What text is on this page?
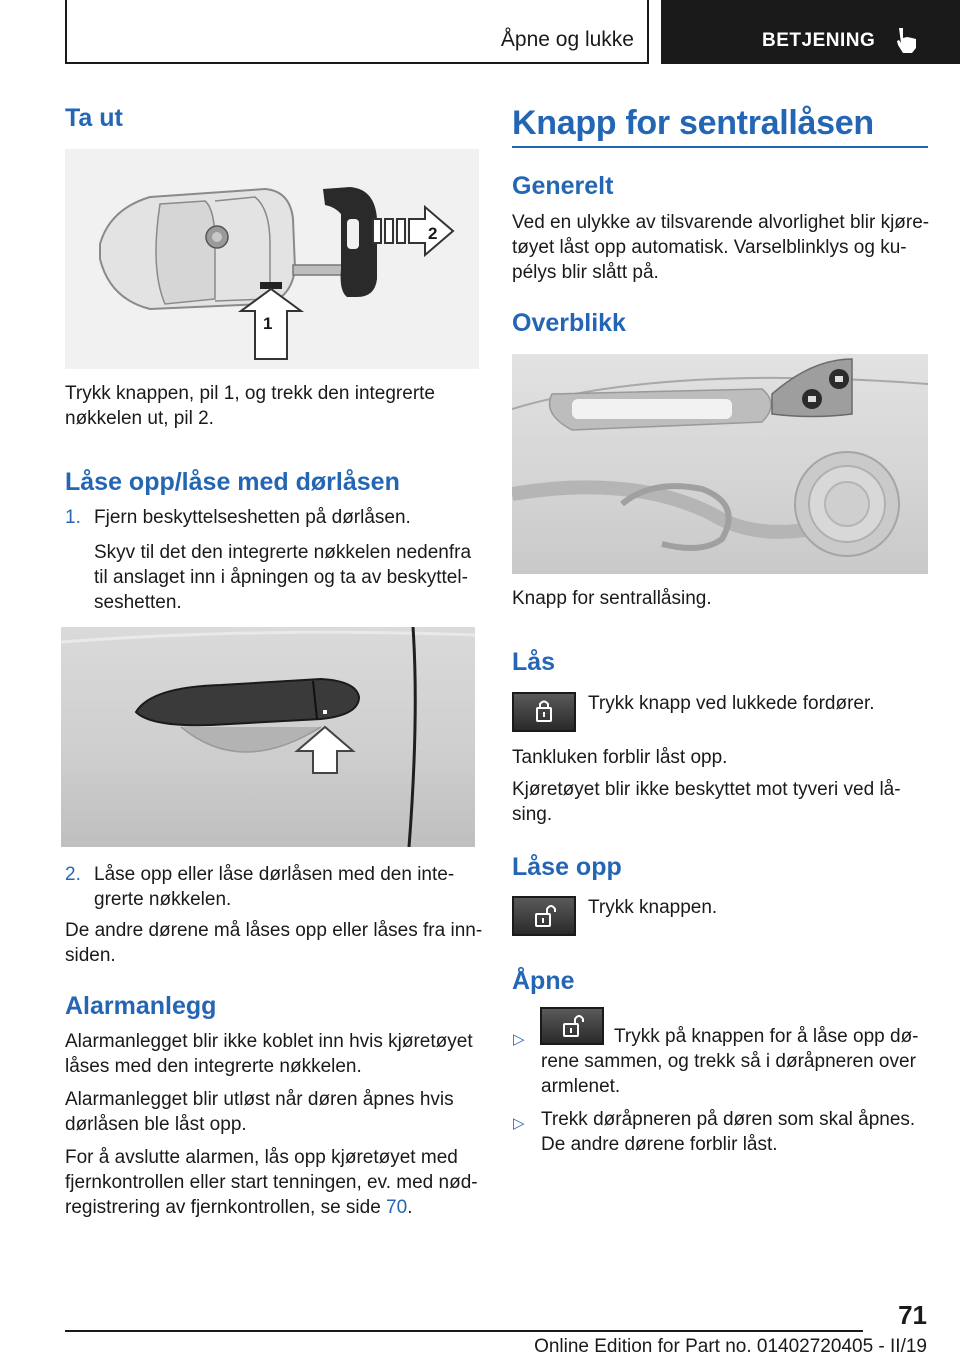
Åpne og lukke	BETJENING
Ta ut
2
1
Trykk knappen, pil 1, og trekk den integrerte
nøkkelen ut, pil 2.
Låse opp/låse med dørlåsen
1. Fjern beskyttelseshetten på dørlåsen.
Skyv til det den integrerte nøkkelen nedenfra
til anslaget inn i åpningen og ta av beskyttel-
seshetten.
2. Låse opp eller låse dørlåsen med den inte-
grerte nøkkelen.
De andre dørene må låses opp eller låses fra inn-
siden.
Alarmanlegg
Alarmanlegget blir ikke koblet inn hvis kjøretøyet
låses med den integrerte nøkkelen.
Alarmanlegget blir utløst når døren åpnes hvis
dørlåsen ble låst opp.
For å avslutte alarmen, lås opp kjøretøyet med
fjernkontrollen eller start tenningen, ev. med nød-
registrering av fjernkontrollen, se side 70.
Knapp for sentrallåsen
Generelt
Ved en ulykke av tilsvarende alvorlighet blir kjøre-
tøyet låst opp automatisk. Varselblinklys og ku-
pélys blir slått på.
Overblikk
Knapp for sentrallåsing.
Lås
Trykk knapp ved lukkede fordører.
Tankluken forblir låst opp.
Kjøretøyet blir ikke beskyttet mot tyveri ved lå-
sing.
Låse opp
Trykk knappen.
Åpne
▷	Trykk på knappen for å låse opp dø-
rene sammen, og trekk så i døråpneren over
armlenet.
▷ Trekk døråpneren på døren som skal åpnes.
De andre dørene forblir låst.
71
Online Edition for Part no. 01402720405 - II/19
